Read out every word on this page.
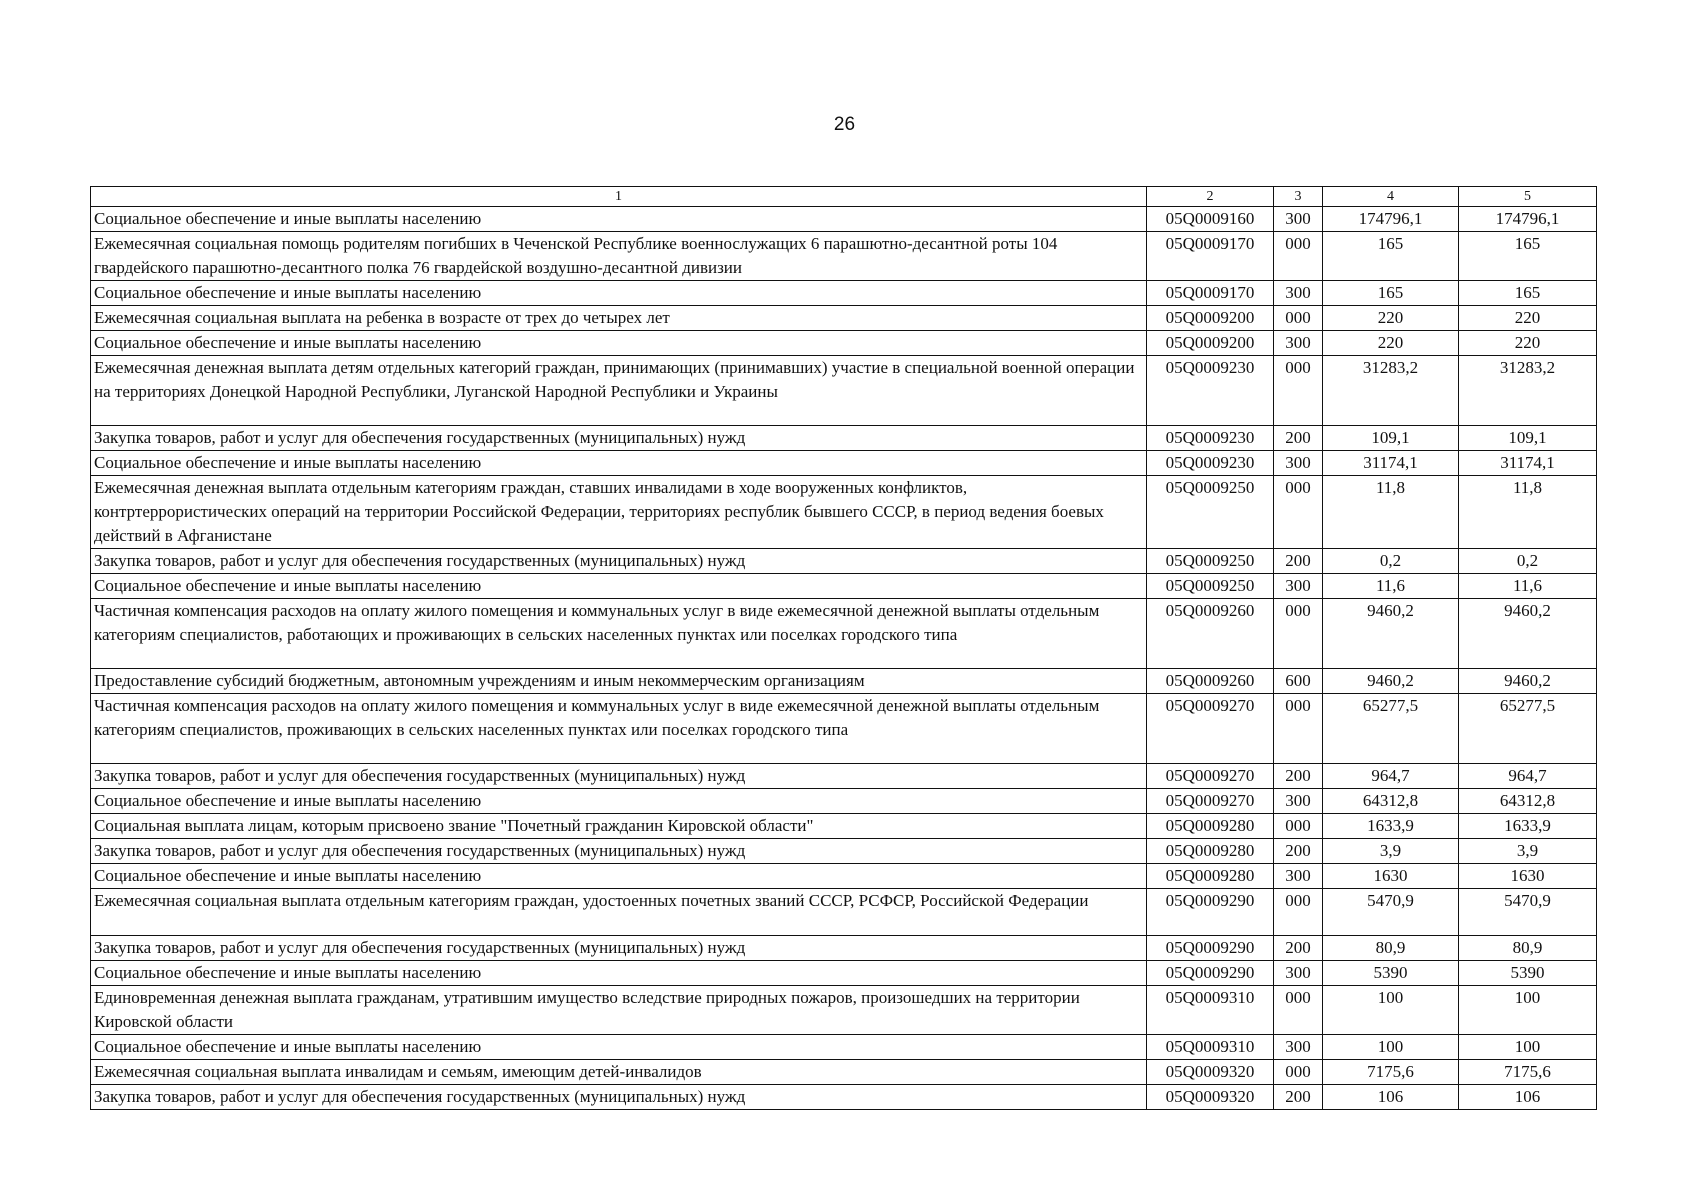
26
1	2	3	4	5
Социальное обеспечение и иные выплаты населению	05Q0009160	300	174796,1	174796,1
Ежемесячная социальная помощь родителям погибших в Чеченской Республике военнослужащих 6 парашютно-десантной роты 104 гвардейского парашютно-десантного полка 76 гвардейской воздушно-десантной дивизии	05Q0009170	000	165	165
Социальное обеспечение и иные выплаты населению	05Q0009170	300	165	165
Ежемесячная социальная выплата на ребенка в возрасте от трех до четырех лет	05Q0009200	000	220	220
Социальное обеспечение и иные выплаты населению	05Q0009200	300	220	220
Ежемесячная денежная выплата детям отдельных категорий граждан, принимающих (принимавших) участие в специальной военной операции на территориях Донецкой Народной Республики, Луганской Народной Республики и Украины	05Q0009230	000	31283,2	31283,2
Закупка товаров, работ и услуг для обеспечения государственных (муниципальных) нужд	05Q0009230	200	109,1	109,1
Социальное обеспечение и иные выплаты населению	05Q0009230	300	31174,1	31174,1
Ежемесячная денежная выплата отдельным категориям граждан, ставших инвалидами в ходе вооруженных конфликтов, контртеррористических операций на территории Российской Федерации, территориях республик бывшего СССР, в период ведения боевых действий в Афганистане	05Q0009250	000	11,8	11,8
Закупка товаров, работ и услуг для обеспечения государственных (муниципальных) нужд	05Q0009250	200	0,2	0,2
Социальное обеспечение и иные выплаты населению	05Q0009250	300	11,6	11,6
Частичная компенсация расходов на оплату жилого помещения и коммунальных услуг в виде ежемесячной денежной выплаты отдельным категориям специалистов, работающих и проживающих в сельских населенных пунктах или поселках городского типа	05Q0009260	000	9460,2	9460,2
Предоставление субсидий бюджетным, автономным учреждениям и иным некоммерческим организациям	05Q0009260	600	9460,2	9460,2
Частичная компенсация расходов на оплату жилого помещения и коммунальных услуг в виде ежемесячной денежной выплаты отдельным категориям специалистов, проживающих в сельских населенных пунктах или поселках городского типа	05Q0009270	000	65277,5	65277,5
Закупка товаров, работ и услуг для обеспечения государственных (муниципальных) нужд	05Q0009270	200	964,7	964,7
Социальное обеспечение и иные выплаты населению	05Q0009270	300	64312,8	64312,8
Социальная выплата лицам, которым присвоено звание "Почетный гражданин Кировской области"	05Q0009280	000	1633,9	1633,9
Закупка товаров, работ и услуг для обеспечения государственных (муниципальных) нужд	05Q0009280	200	3,9	3,9
Социальное обеспечение и иные выплаты населению	05Q0009280	300	1630	1630
Ежемесячная социальная выплата отдельным категориям граждан, удостоенных почетных званий СССР, РСФСР, Российской Федерации	05Q0009290	000	5470,9	5470,9
Закупка товаров, работ и услуг для обеспечения государственных (муниципальных) нужд	05Q0009290	200	80,9	80,9
Социальное обеспечение и иные выплаты населению	05Q0009290	300	5390	5390
Единовременная денежная выплата гражданам, утратившим имущество вследствие природных пожаров, произошедших на территории Кировской области	05Q0009310	000	100	100
Социальное обеспечение и иные выплаты населению	05Q0009310	300	100	100
Ежемесячная социальная выплата инвалидам и семьям, имеющим детей-инвалидов	05Q0009320	000	7175,6	7175,6
Закупка товаров, работ и услуг для обеспечения государственных (муниципальных) нужд	05Q0009320	200	106	106
